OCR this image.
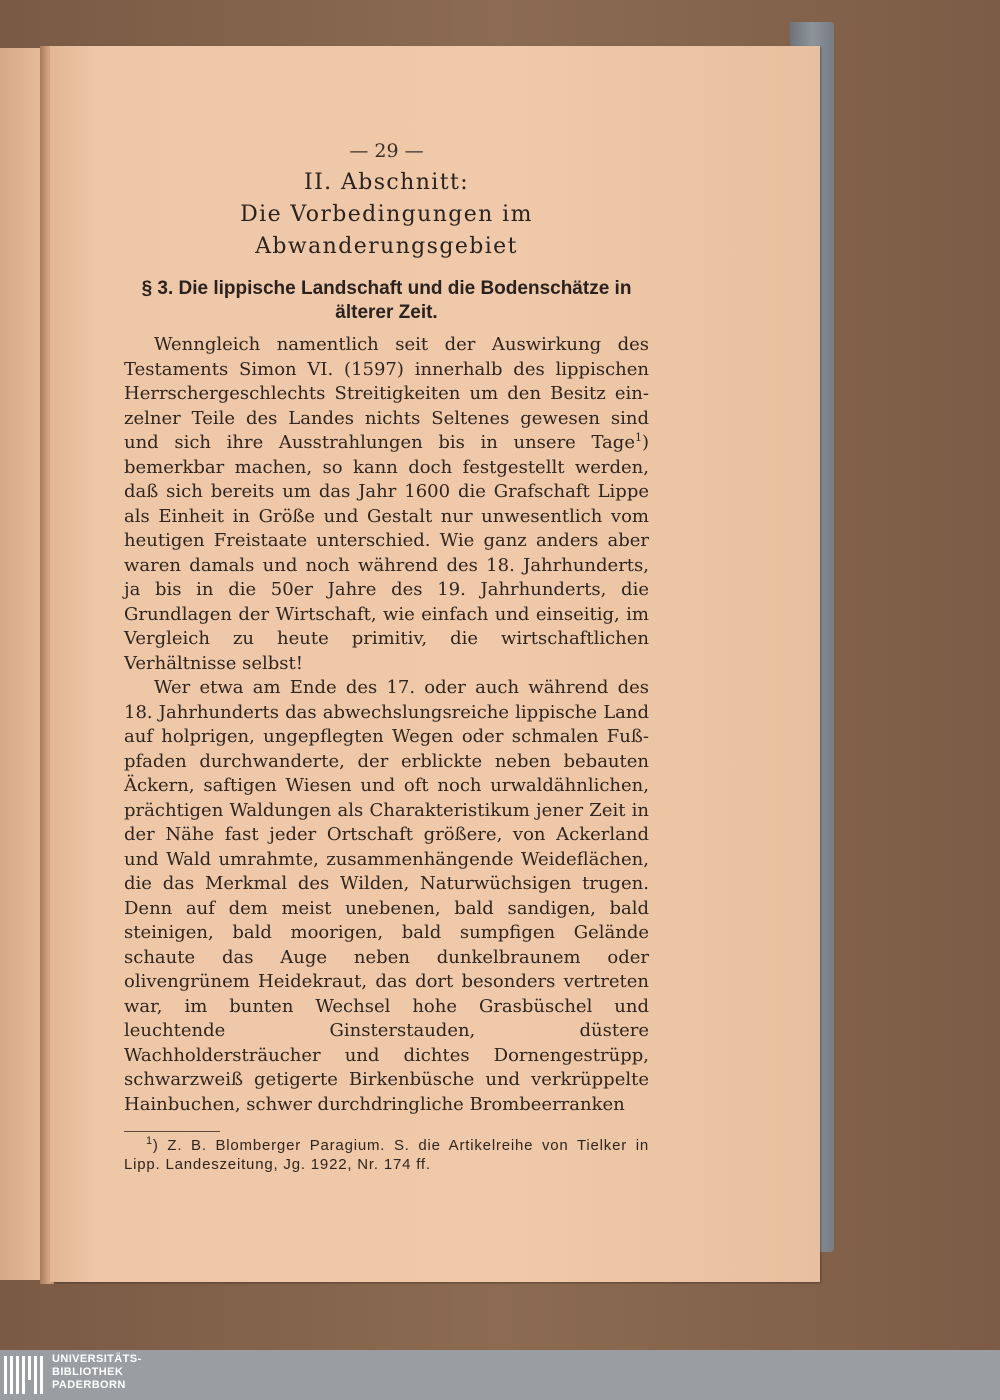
— 29 —
II. Abschnitt:
Die Vorbedingungen im Abwanderungsgebiet
§ 3. Die lippische Landschaft und die Bodenschätze in älterer Zeit.

Wenngleich namentlich seit der Auswirkung des Testaments Simon VI. (1597) innerhalb des lippischen Herrschergeschlechts Streitigkeiten um den Besitz einzelner Teile des Landes nichts Seltenes gewesen sind und sich ihre Ausstrahlungen bis in unsere Tage$^1$) bemerkbar machen, so kann doch festgestellt werden, daß sich bereits um das Jahr 1600 die Grafschaft Lippe als Einheit in Größe und Gestalt nur unwesentlich vom heutigen Freistaate unterschied. Wie ganz anders aber waren damals und noch während des 18. Jahrhunderts, ja bis in die 50er Jahre des 19. Jahrhunderts, die Grundlagen der Wirtschaft, wie einfach und einseitig, im Vergleich zu heute primitiv, die wirtschaftlichen Verhältnisse selbst!

Wer etwa am Ende des 17. oder auch während des 18. Jahrhunderts das abwechslungsreiche lippische Land auf holprigen, ungepflegten Wegen oder schmalen Fußpfaden durchwanderte, der erblickte neben bebauten Äckern, saftigen Wiesen und oft noch urwaldähnlichen, prächtigen Waldungen als Charakteristikum jener Zeit in der Nähe fast jeder Ortschaft größere, von Ackerland und Wald umrahmte, zusammenhängende Weideflächen, die das Merkmal des Wilden, Naturwüchsigen trugen. Denn auf dem meist unebenen, bald sandigen, bald steinigen, bald moorigen, bald sumpfigen Gelände schaute das Auge neben dunkelbraunem oder olivengrünem Heidekraut, das dort besonders vertreten war, im bunten Wechsel hohe Grasbüschel und leuchtende Ginsterstauden, düstere Wachholdersträucher und dichtes Dornengestrüpp, schwarzweiß getigerte Birkenbüsche und verkrüppelte Hainbuchen, schwer durchdringliche Brombeerranken

$^1$) Z. B. Blomberger Paragium. S. die Artikelreihe von Tielker in Lipp. Landeszeitung, Jg. 1922, Nr. 174 ff.

UNIVERSITÄTS-
BIBLIOTHEK
PADERBORN
